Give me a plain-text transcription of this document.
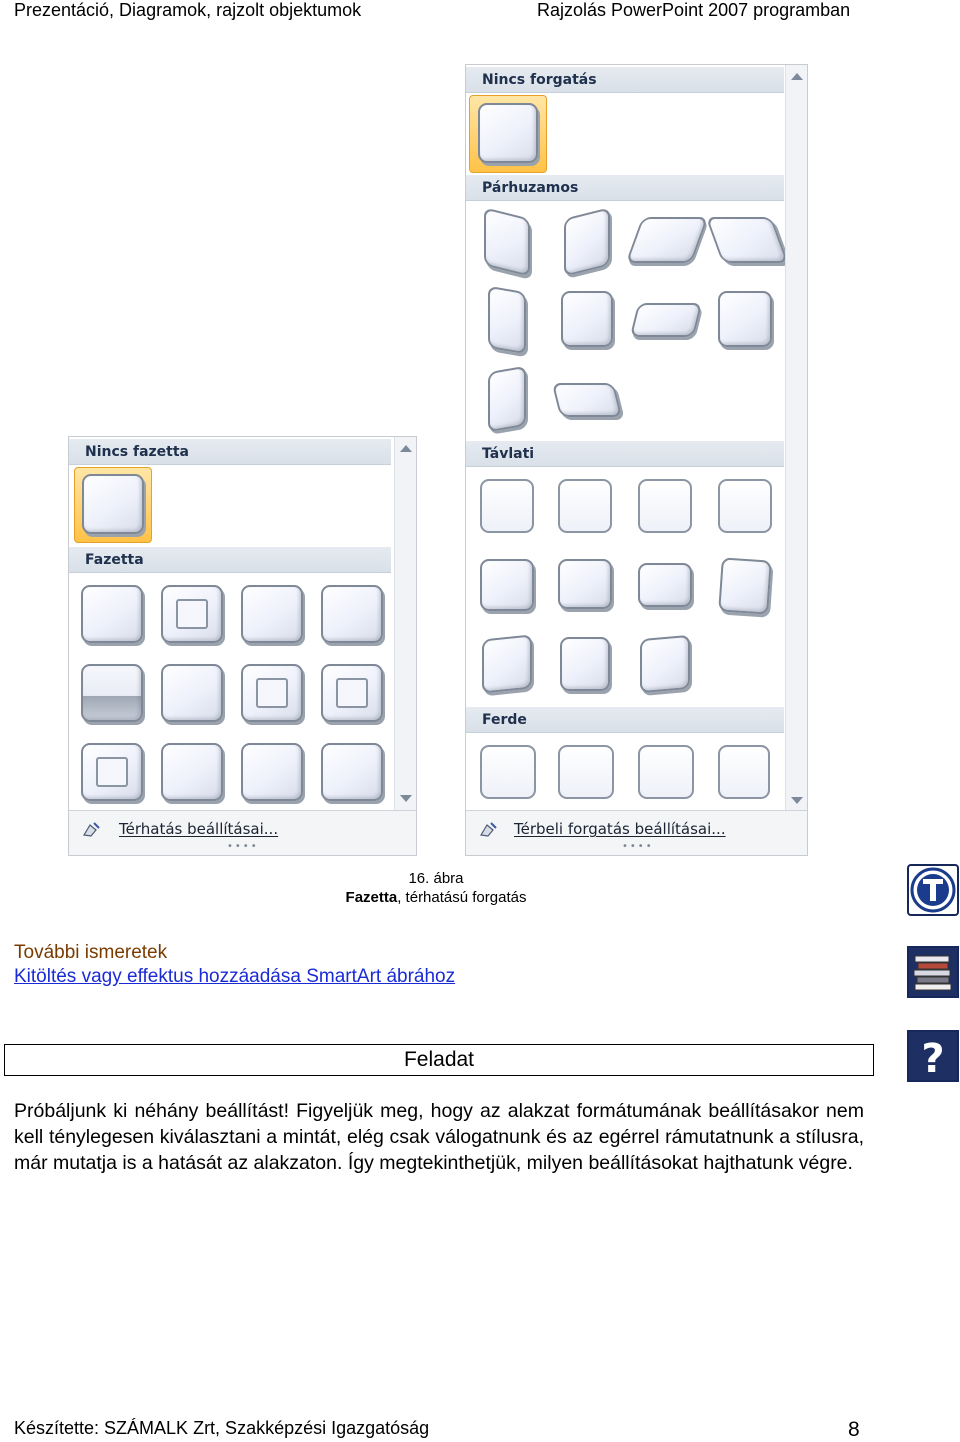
Prezentáció, Diagramok, rajzolt objektumok	Rajzolás PowerPoint 2007 programban
Nincs fazetta
Fazetta
Térhatás beállításai...
••••
Nincs forgatás
Párhuzamos
Távlati
Ferde
Térbeli forgatás beállításai...
••••
16. ábra
Fazetta, térhatású forgatás
További ismeretek
Kitöltés vagy effektus hozzáadása SmartArt ábrához
Feladat
Próbáljunk ki néhány beállítást! Figyeljük meg, hogy az alakzat formátumának beállításakor nem kell ténylegesen kiválasztani a mintát, elég csak válogatnunk és az egérrel rámutatnunk a stílusra, már mutatja is a hatását az alakzaton. Így megtekinthetjük, milyen beállításokat hajthatunk végre.
?
Készítette: SZÁMALK Zrt, Szakképzési Igazgatóság	8
